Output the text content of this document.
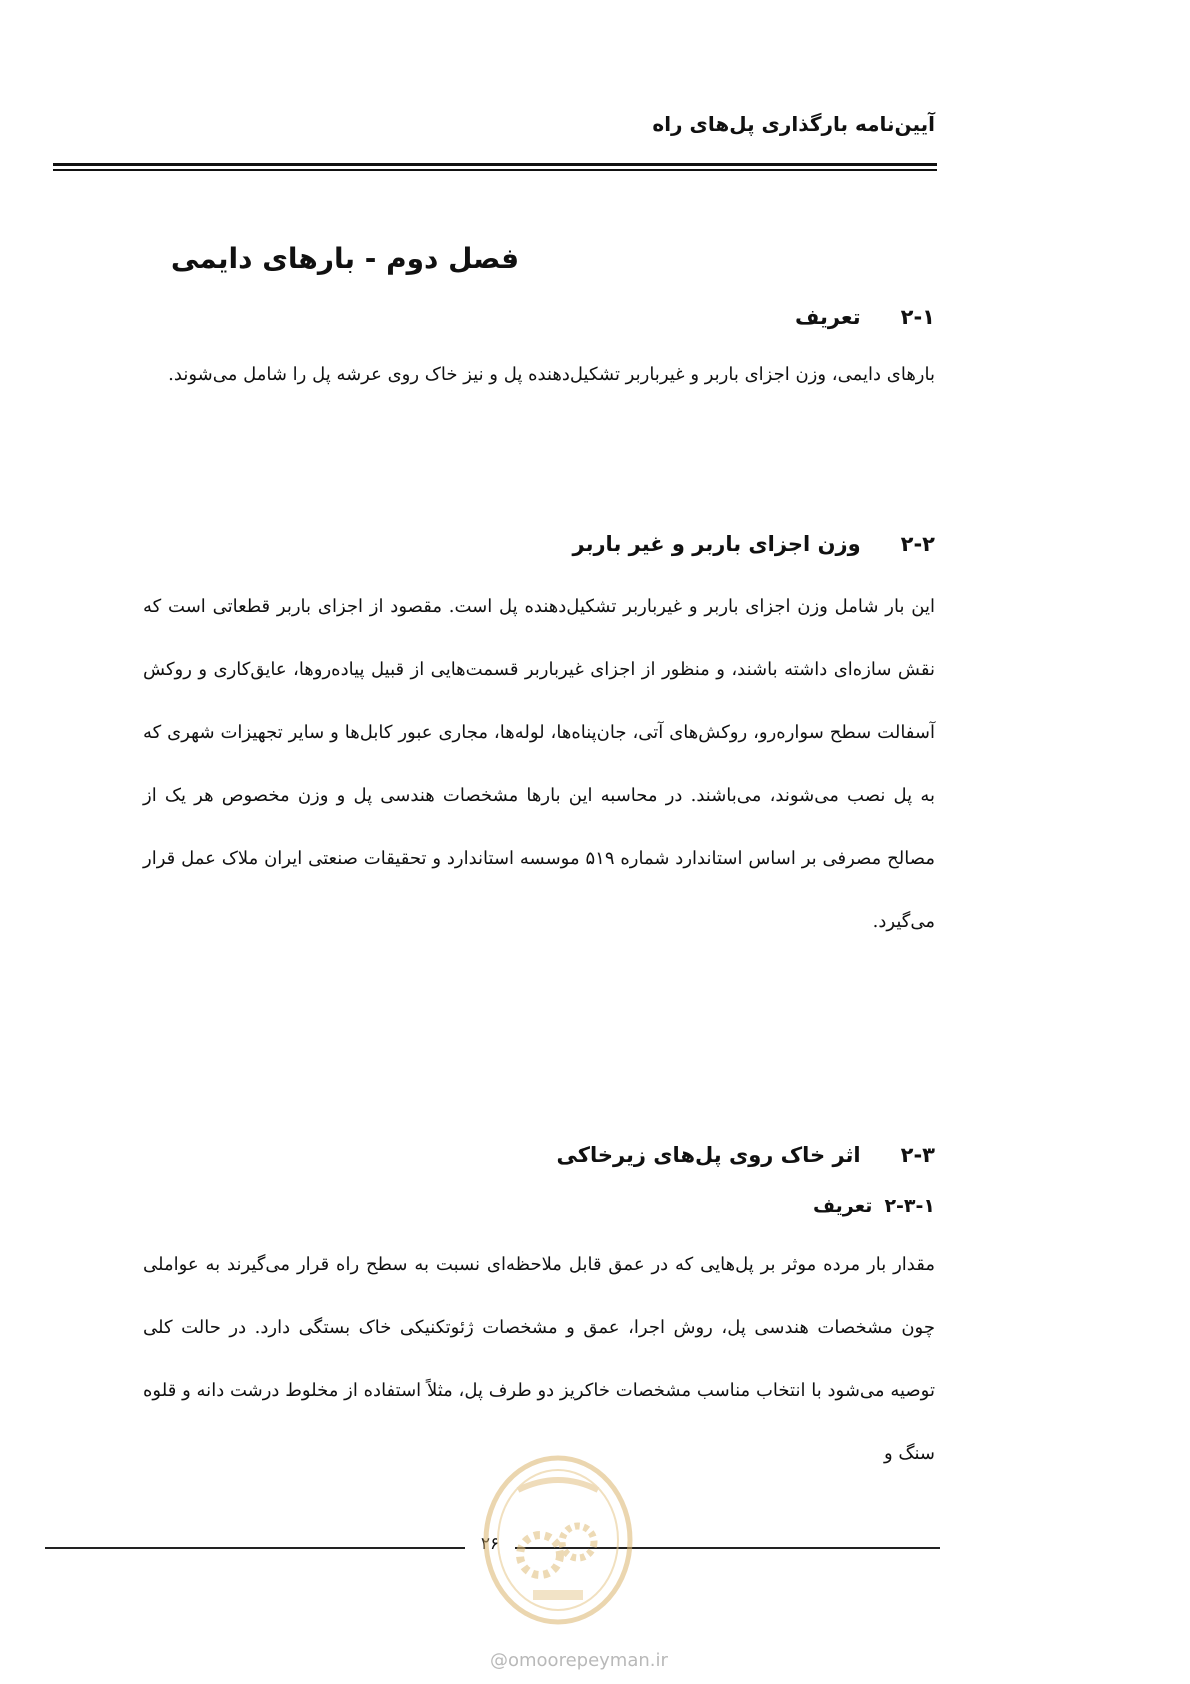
آیین‌نامه بارگذاری پل‌های راه
فصل دوم - بارهای دایمی
۲-۱تعریف
بارهای دایمی، وزن اجزای باربر و غیرباربر تشکیل‌دهنده پل و نیز خاک روی عرشه پل را شامل می‌شوند.
۲-۲وزن اجزای باربر و غیر باربر
این بار شامل وزن اجزای باربر و غیرباربر تشکیل‌دهنده پل است. مقصود از اجزای باربر قطعاتی است که نقش سازه‌ای داشته باشند، و منظور از اجزای غیرباربر قسمت‌هایی از قبیل پیاده‌روها، عایق‌کاری و روکش آسفالت سطح سواره‌رو، روکش‌های آتی، جان‌پناه‌ها، لوله‌ها، مجاری عبور کابل‌ها و سایر تجهیزات شهری که به پل نصب می‌شوند، می‌باشند. در محاسبه این بارها مشخصات هندسی پل و وزن مخصوص هر یک از مصالح مصرفی بر اساس استاندارد شماره ۵۱۹ موسسه استاندارد و تحقیقات صنعتی ایران ملاک عمل قرار می‌گیرد.
۲-۳اثر خاک روی پل‌های زیرخاکی
۲-۳-۱تعریف
مقدار بار مرده موثر بر پل‌هایی که در عمق قابل ملاحظه‌ای نسبت به سطح راه قرار می‌گیرند به عواملی چون مشخصات هندسی پل، روش اجرا، عمق و مشخصات ژئوتکنیکی خاک بستگی دارد. در حالت کلی توصیه می‌شود با انتخاب مناسب مشخصات خاکریز دو طرف پل، مثلاً استفاده از مخلوط درشت دانه و قلوه سنگ و
۲۶
@omoorepeyman.ir
